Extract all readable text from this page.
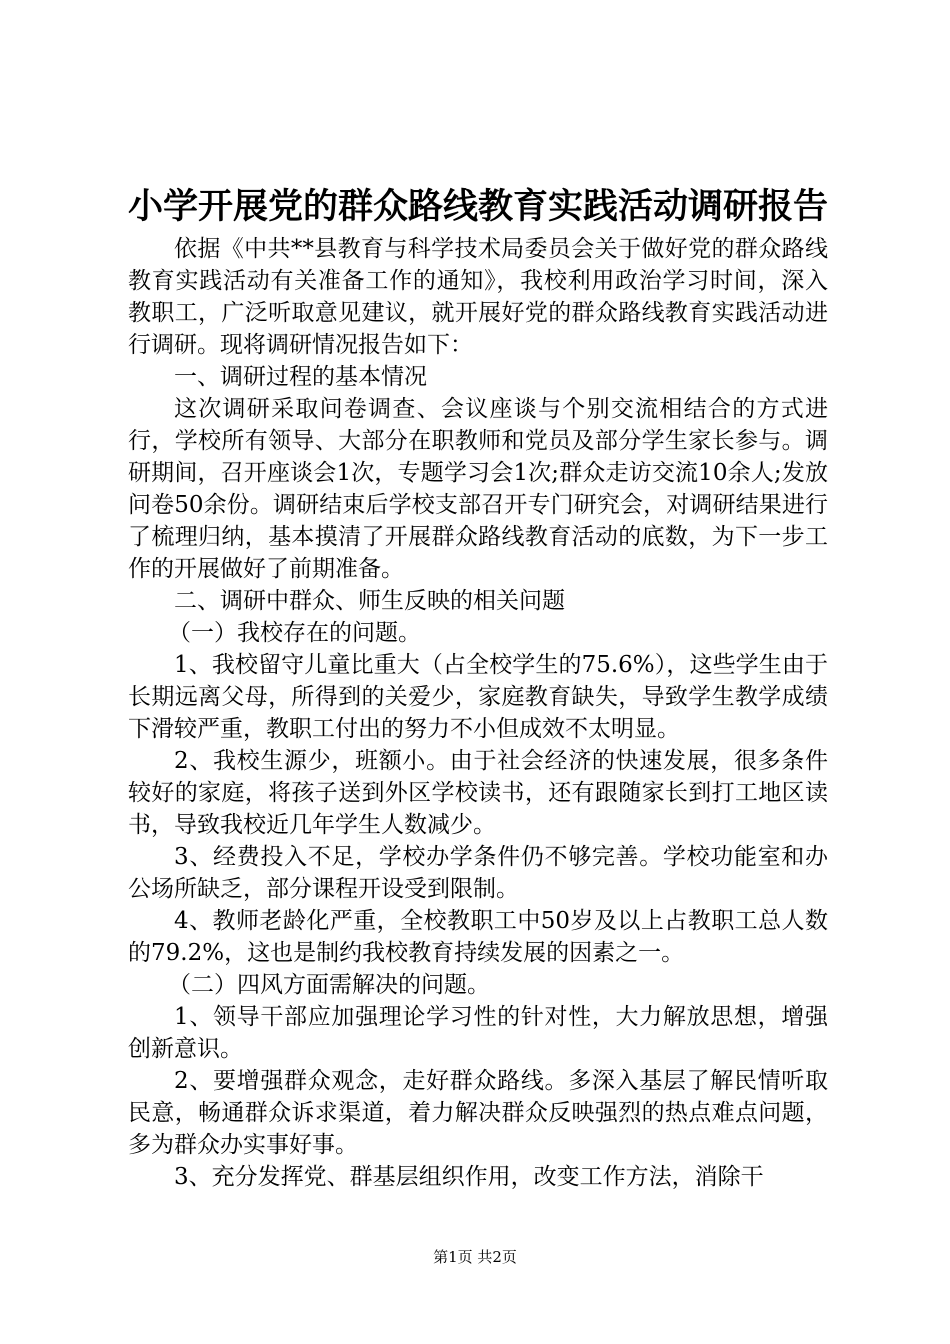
小学开展党的群众路线教育实践活动调研报告

依据《中共**县教育与科学技术局委员会关于做好党的群众路线教育实践活动有关准备工作的通知》，我校利用政治学习时间，深入教职工，广泛听取意见建议，就开展好党的群众路线教育实践活动进行调研。现将调研情况报告如下：

一、调研过程的基本情况

这次调研采取问卷调查、会议座谈与个别交流相结合的方式进行，学校所有领导、大部分在职教师和党员及部分学生家长参与。调研期间，召开座谈会1次，专题学习会1次;群众走访交流10余人;发放问卷50余份。调研结束后学校支部召开专门研究会，对调研结果进行了梳理归纳，基本摸清了开展群众路线教育活动的底数，为下一步工作的开展做好了前期准备。

二、调研中群众、师生反映的相关问题

（一）我校存在的问题。

1、我校留守儿童比重大（占全校学生的75.6%），这些学生由于长期远离父母，所得到的关爱少，家庭教育缺失，导致学生教学成绩下滑较严重，教职工付出的努力不小但成效不太明显。

2、我校生源少，班额小。由于社会经济的快速发展，很多条件较好的家庭，将孩子送到外区学校读书，还有跟随家长到打工地区读书，导致我校近几年学生人数减少。

3、经费投入不足，学校办学条件仍不够完善。学校功能室和办公场所缺乏，部分课程开设受到限制。

4、教师老龄化严重，全校教职工中50岁及以上占教职工总人数的79.2%，这也是制约我校教育持续发展的因素之一。

（二）四风方面需解决的问题。

1、领导干部应加强理论学习性的针对性，大力解放思想，增强创新意识。

2、要增强群众观念，走好群众路线。多深入基层了解民情听取民意，畅通群众诉求渠道，着力解决群众反映强烈的热点难点问题，多为群众办实事好事。

3、充分发挥党、群基层组织作用，改变工作方法，消除干

第1页 共2页
